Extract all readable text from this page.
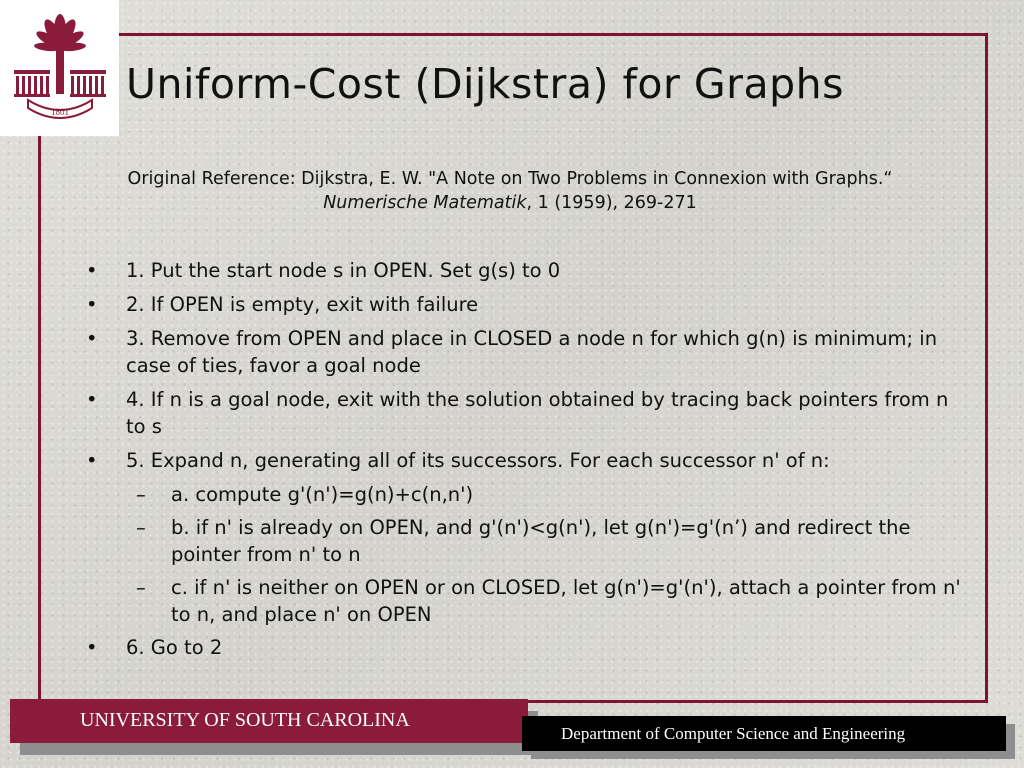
1801
Uniform-Cost (Dijkstra) for Graphs
Original Reference: Dijkstra, E. W. "A Note on Two Problems in Connexion with Graphs.“ Numerische Matematik, 1 (1959), 269-271
• 1. Put the start node s in OPEN. Set g(s) to 0
• 2. If OPEN is empty, exit with failure
• 3. Remove from OPEN and place in CLOSED a node n for which g(n) is minimum; in case of ties, favor a goal node
• 4. If n is a goal node, exit with the solution obtained by tracing back pointers from n to s
• 5. Expand n, generating all of its successors. For each successor n' of n:
– a. compute g'(n')=g(n)+c(n,n')
– b. if n' is already on OPEN, and g'(n')<g(n'), let g(n')=g'(n’) and redirect the pointer from n' to n
– c. if n' is neither on OPEN or on CLOSED, let g(n')=g'(n'), attach a pointer from n' to n, and place n' on OPEN
• 6. Go to 2
UNIVERSITY OF SOUTH CAROLINA
Department of Computer Science and Engineering
